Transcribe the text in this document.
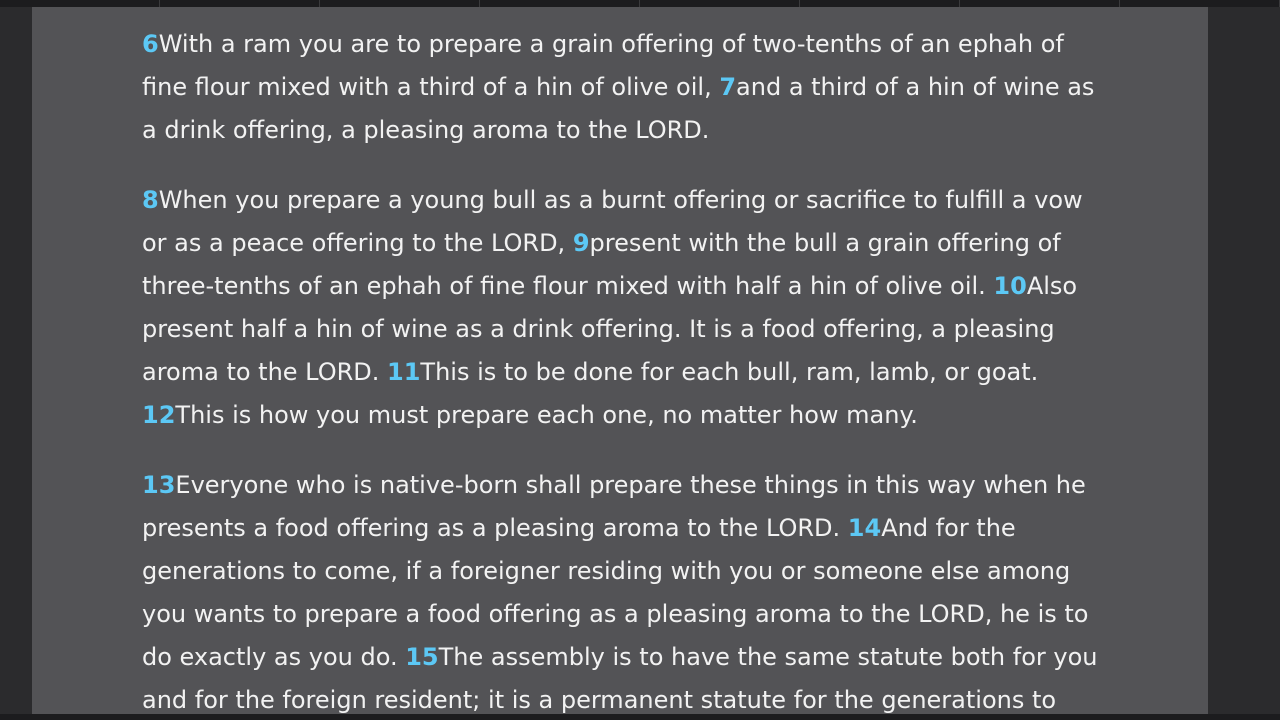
6With a ram you are to prepare a grain offering of two-tenths of an ephah of fine flour mixed with a third of a hin of olive oil, 7and a third of a hin of wine as a drink offering, a pleasing aroma to the LORD.

8When you prepare a young bull as a burnt offering or sacrifice to fulfill a vow or as a peace offering to the LORD, 9present with the bull a grain offering of three-tenths of an ephah of fine flour mixed with half a hin of olive oil. 10Also present half a hin of wine as a drink offering. It is a food offering, a pleasing aroma to the LORD. 11This is to be done for each bull, ram, lamb, or goat. 12This is how you must prepare each one, no matter how many.

13Everyone who is native-born shall prepare these things in this way when he presents a food offering as a pleasing aroma to the LORD. 14And for the generations to come, if a foreigner residing with you or someone else among you wants to prepare a food offering as a pleasing aroma to the LORD, he is to do exactly as you do. 15The assembly is to have the same statute both for you and for the foreign resident; it is a permanent statute for the generations to
